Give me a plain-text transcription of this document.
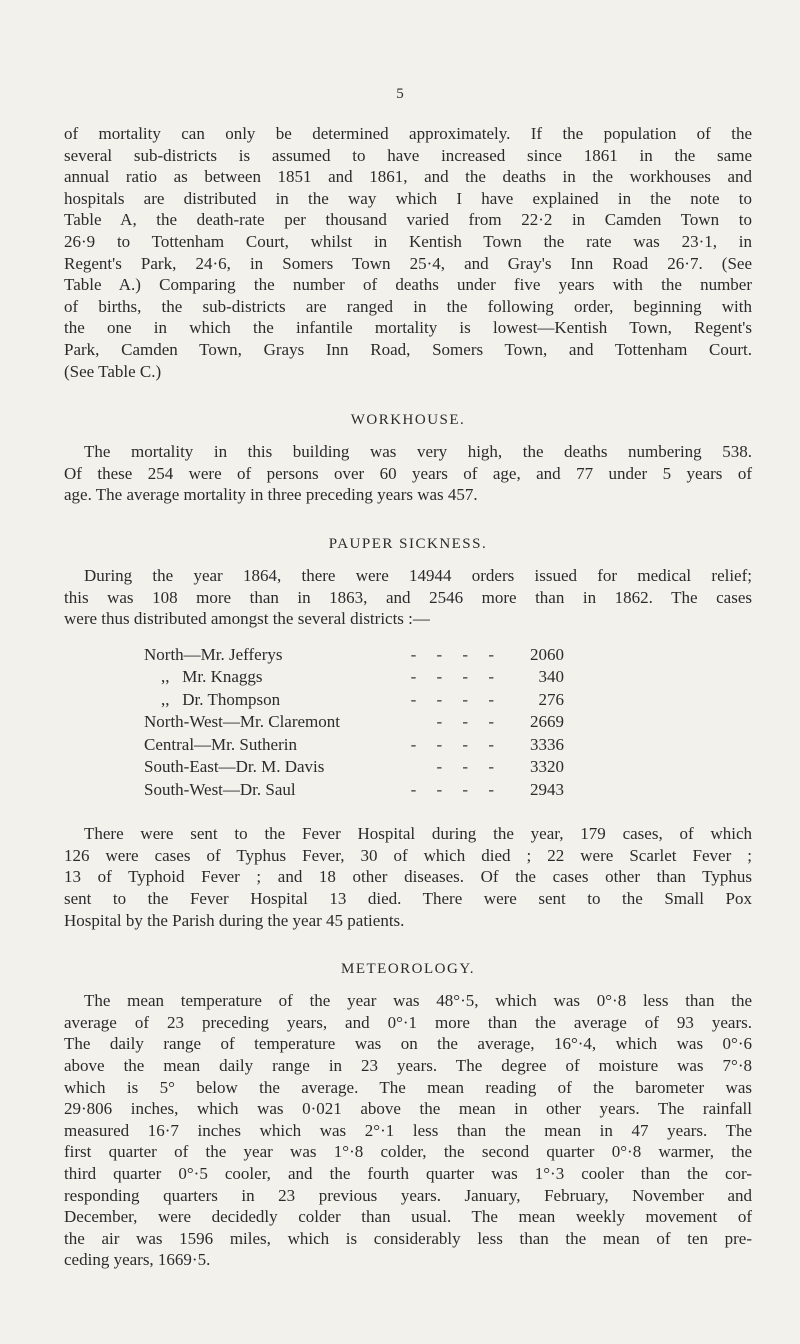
5

of mortality can only be determined approximately. If the population of the
several sub-districts is assumed to have increased since 1861 in the same
annual ratio as between 1851 and 1861, and the deaths in the workhouses and
hospitals are distributed in the way which I have explained in the note to
Table A, the death-rate per thousand varied from 22·2 in Camden Town to
26·9 to Tottenham Court, whilst in Kentish Town the rate was 23·1, in
Regent's Park, 24·6, in Somers Town 25·4, and Gray's Inn Road 26·7. (See
Table A.) Comparing the number of deaths under five years with the number
of births, the sub-districts are ranged in the following order, beginning with
the one in which the infantile mortality is lowest—Kentish Town, Regent's
Park, Camden Town, Grays Inn Road, Somers Town, and Tottenham Court.
(See Table C.)

WORKHOUSE.

The mortality in this building was very high, the deaths numbering 538.
Of these 254 were of persons over 60 years of age, and 77 under 5 years of
age. The average mortality in three preceding years was 457.

PAUPER SICKNESS.

During the year 1864, there were 14944 orders issued for medical relief;
this was 108 more than in 1863, and 2546 more than in 1862. The cases
were thus distributed amongst the several districts :—

North—Mr. Jefferys	- - - -	2060
,,   Mr. Knaggs	- - - -	340
,,   Dr. Thompson	- - - -	276
North-West—Mr. Claremont	- - -	2669
Central—Mr. Sutherin	- - - -	3336
South-East—Dr. M. Davis	- - -	3320
South-West—Dr. Saul	- - - -	2943

There were sent to the Fever Hospital during the year, 179 cases, of which
126 were cases of Typhus Fever, 30 of which died ; 22 were Scarlet Fever ;
13 of Typhoid Fever ; and 18 other diseases. Of the cases other than Typhus
sent to the Fever Hospital 13 died. There were sent to the Small Pox
Hospital by the Parish during the year 45 patients.

METEOROLOGY.

The mean temperature of the year was 48°·5, which was 0°·8 less than the
average of 23 preceding years, and 0°·1 more than the average of 93 years.
The daily range of temperature was on the average, 16°·4, which was 0°·6
above the mean daily range in 23 years. The degree of moisture was 7°·8
which is 5° below the average. The mean reading of the barometer was
29·806 inches, which was 0·021 above the mean in other years. The rainfall
measured 16·7 inches which was 2°·1 less than the mean in 47 years. The
first quarter of the year was 1°·8 colder, the second quarter 0°·8 warmer, the
third quarter 0°·5 cooler, and the fourth quarter was 1°·3 cooler than the cor-
responding quarters in 23 previous years. January, February, November and
December, were decidedly colder than usual. The mean weekly movement of
the air was 1596 miles, which is considerably less than the mean of ten pre-
ceding years, 1669·5.
